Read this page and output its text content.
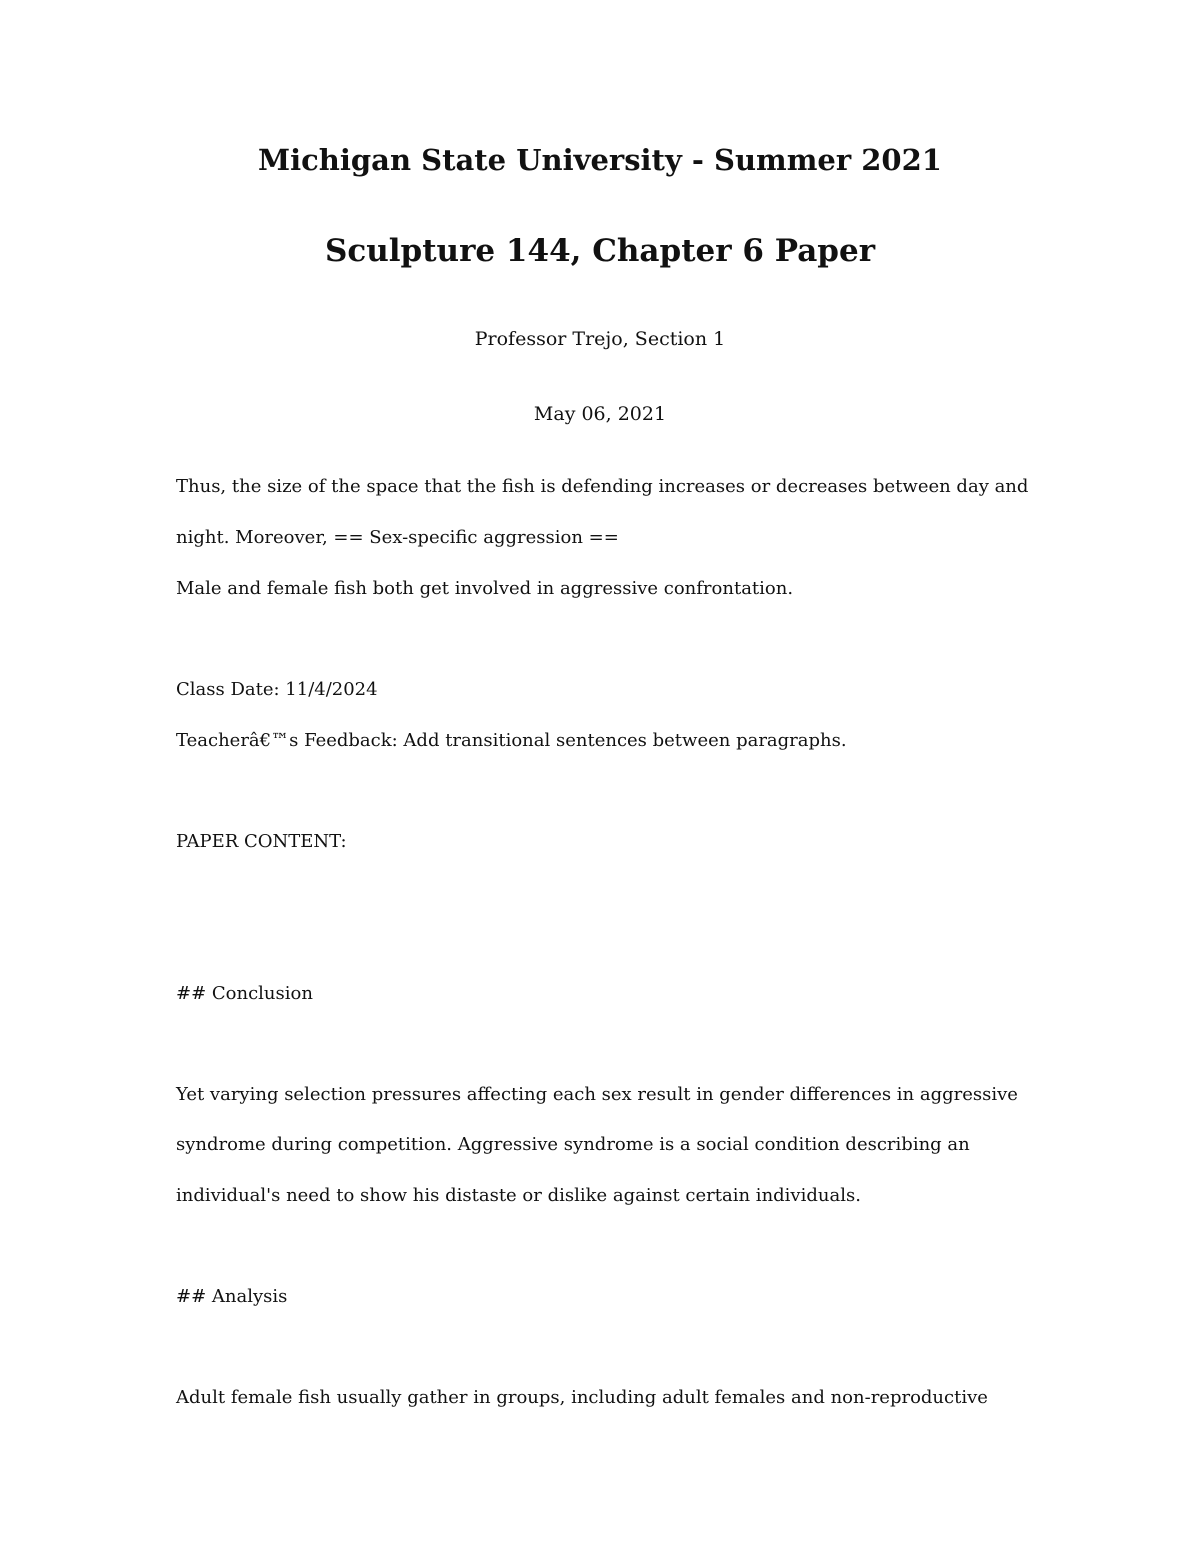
Michigan State University - Summer 2021
Sculpture 144, Chapter 6 Paper

Professor Trejo, Section 1

May 06, 2021

Thus, the size of the space that the fish is defending increases or decreases between day and

night. Moreover, == Sex-specific aggression ==

Male and female fish both get involved in aggressive confrontation.

Class Date: 11/4/2024

Teacherâ€™s Feedback: Add transitional sentences between paragraphs.

PAPER CONTENT:

## Conclusion

Yet varying selection pressures affecting each sex result in gender differences in aggressive

syndrome during competition. Aggressive syndrome is a social condition describing an

individual's need to show his distaste or dislike against certain individuals.

## Analysis

Adult female fish usually gather in groups, including adult females and non-reproductive
